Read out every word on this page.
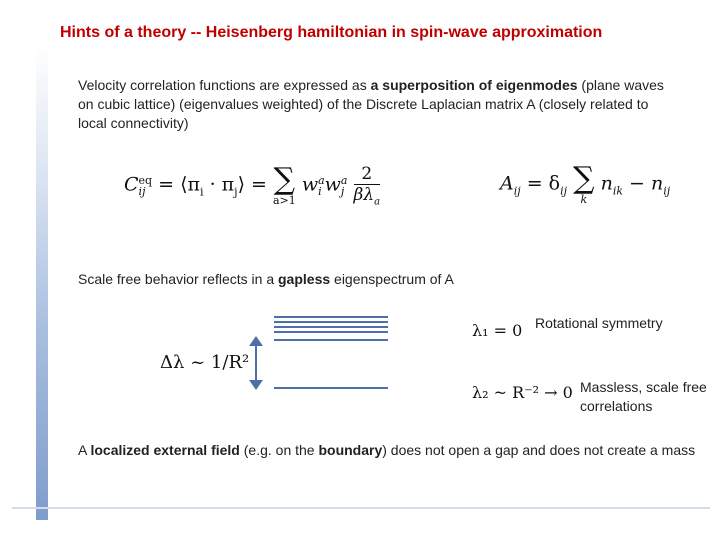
Hints of a theory -- Heisenberg hamiltonian in spin-wave approximation
Velocity correlation functions are expressed as a superposition of eigenmodes (plane waves on cubic lattice) (eigenvalues weighted) of the Discrete Laplacian matrix A (closely related to local connectivity)
C eq
ij = $⟨\pi_i$ · $\pi_j⟩$ = ∑
a>1
w a
i w a
j
$\frac{2}{\beta\lambda_a}$	$A_{ij} = \delta_{ij}$ ∑
k
$n_{ik} - n_{ij}$
Scale free behavior reflects in a gapless eigenspectrum of A
Δλ ~ 1/R²
λ₁ = 0 Rotational symmetry
λ₂ ~ R⁻² → 0 Massless, scale free correlations
A localized external field (e.g. on the boundary) does not open a gap and does not create a mass
